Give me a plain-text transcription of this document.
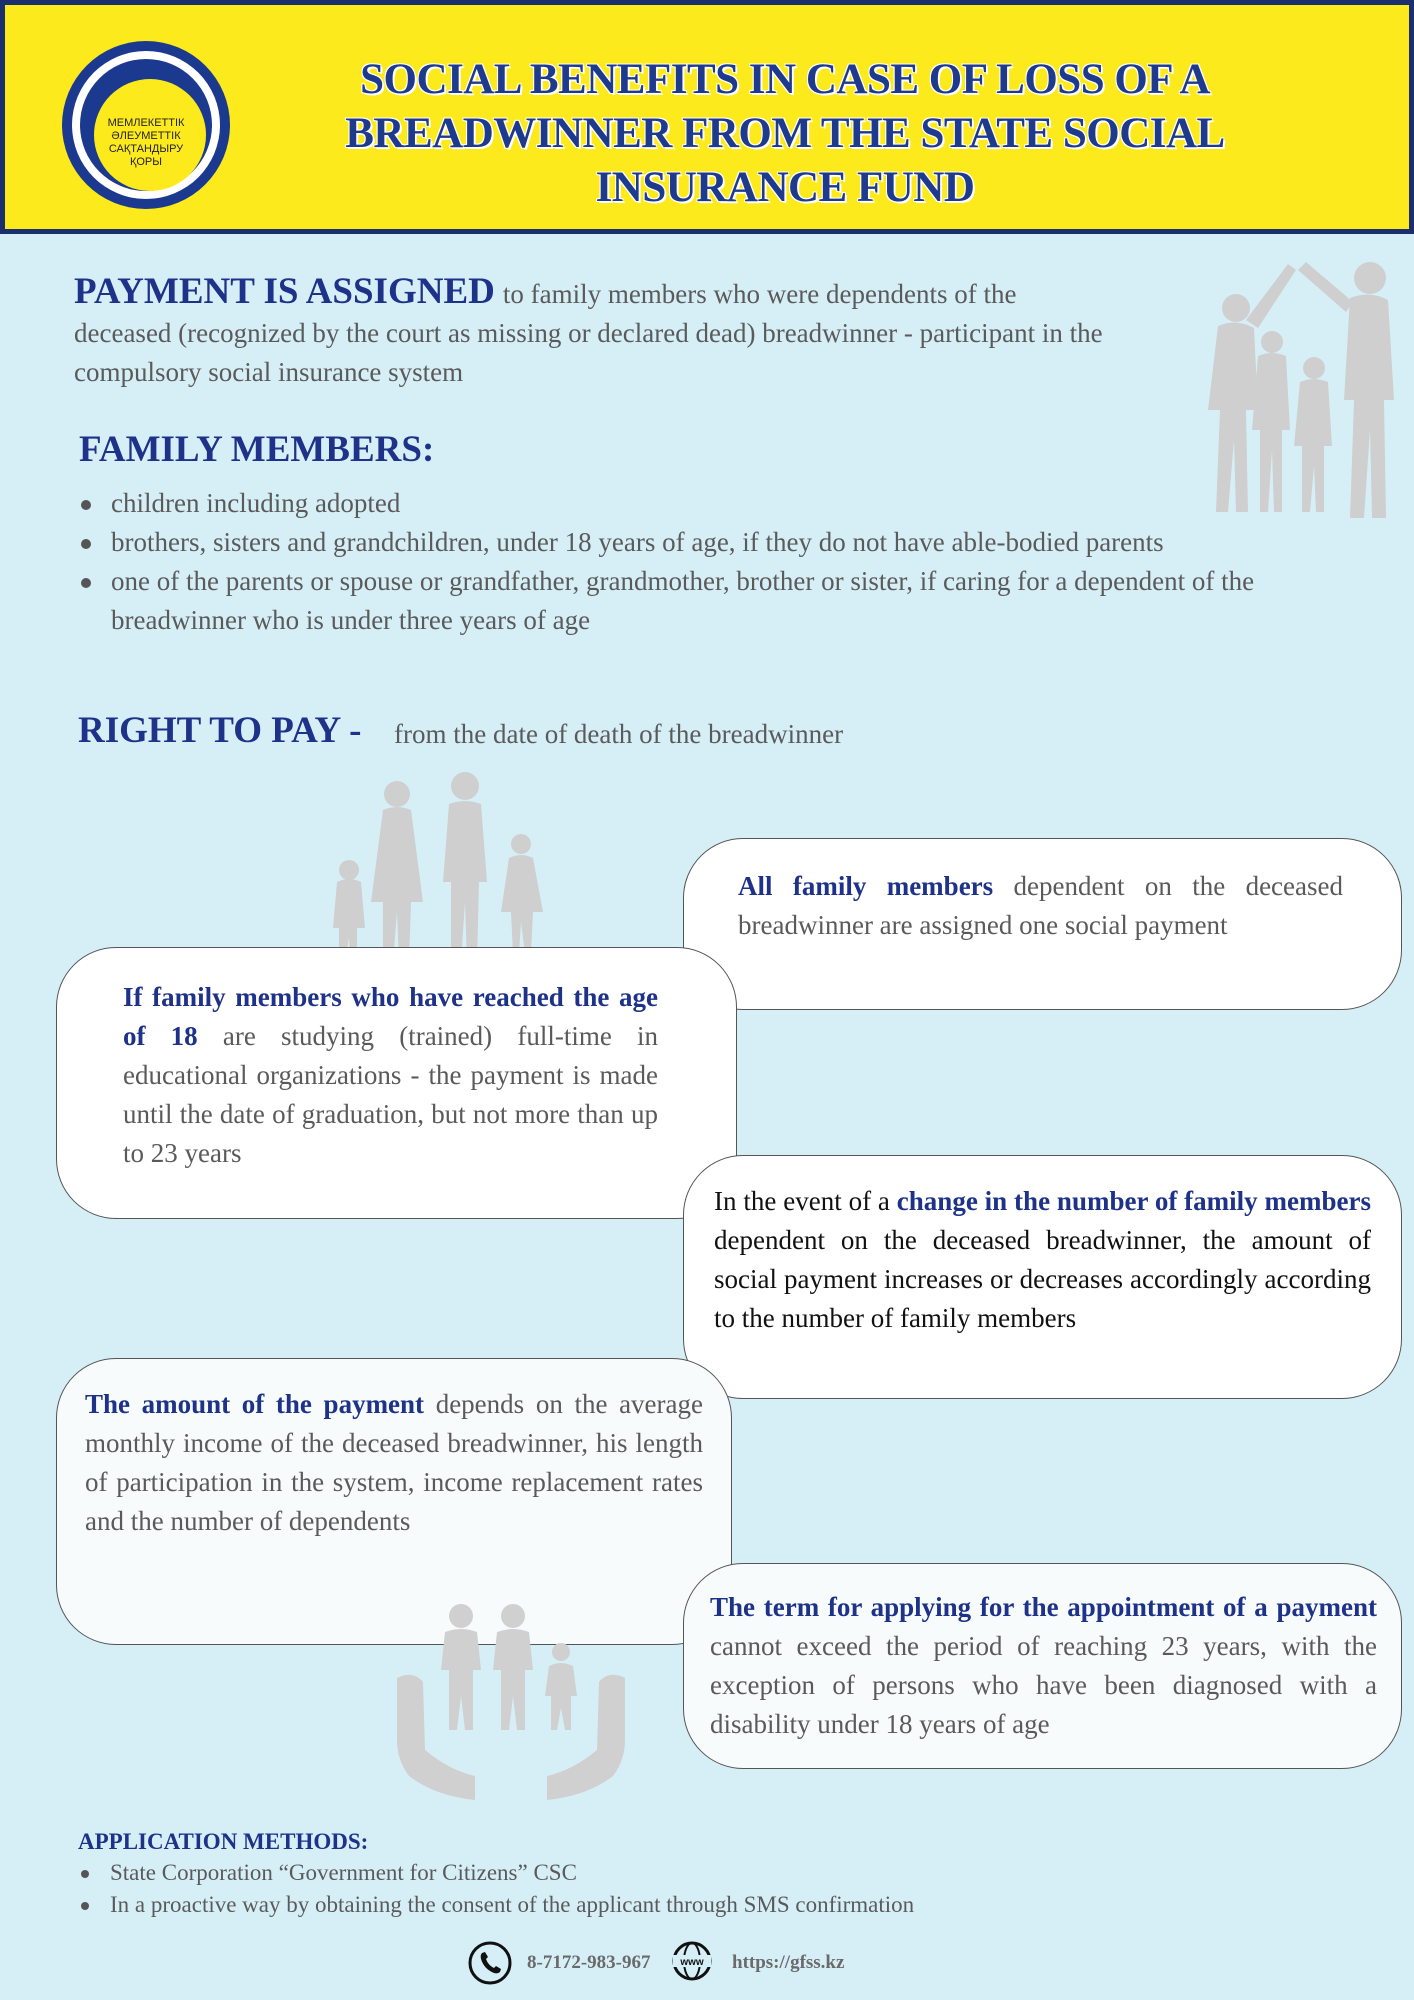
МЕМЛЕКЕТТІК
ӘЛЕУМЕТТІК
САҚТАНДЫРУ
ҚОРЫ
SOCIAL BENEFITS IN CASE OF LOSS OF A
BREADWINNER FROM THE STATE SOCIAL
INSURANCE FUND
PAYMENT IS ASSIGNED to family members who were dependents of the deceased (recognized by the court as missing or declared dead) breadwinner - participant in the compulsory social insurance system
FAMILY MEMBERS:
children including adopted
brothers, sisters and grandchildren, under 18 years of age, if they do not have able-bodied parents
one of the parents or spouse or grandfather, grandmother, brother or sister, if caring for a dependent of the breadwinner who is under three years of age
RIGHT TO PAY - from the date of death of the breadwinner

All family members dependent on the deceased breadwinner are assigned one social payment

If family members who have reached the age of 18 are studying (trained) full-time in educational organizations - the payment is made until the date of graduation, but not more than up to 23 years

In the event of a change in the number of family members dependent on the deceased breadwinner, the amount of social payment increases or decreases accordingly according to the number of family members

The amount of the payment depends on the average monthly income of the deceased breadwinner, his length of participation in the system, income replacement rates and the number of dependents

The term for applying for the appointment of a payment cannot exceed the period of reaching 23 years, with the exception of persons who have been diagnosed with a disability under 18 years of age

APPLICATION METHODS:
State Corporation “Government for Citizens” CSC
In a proactive way by obtaining the consent of the applicant through SMS confirmation
8-7172-983-967	www https://gfss.kz
